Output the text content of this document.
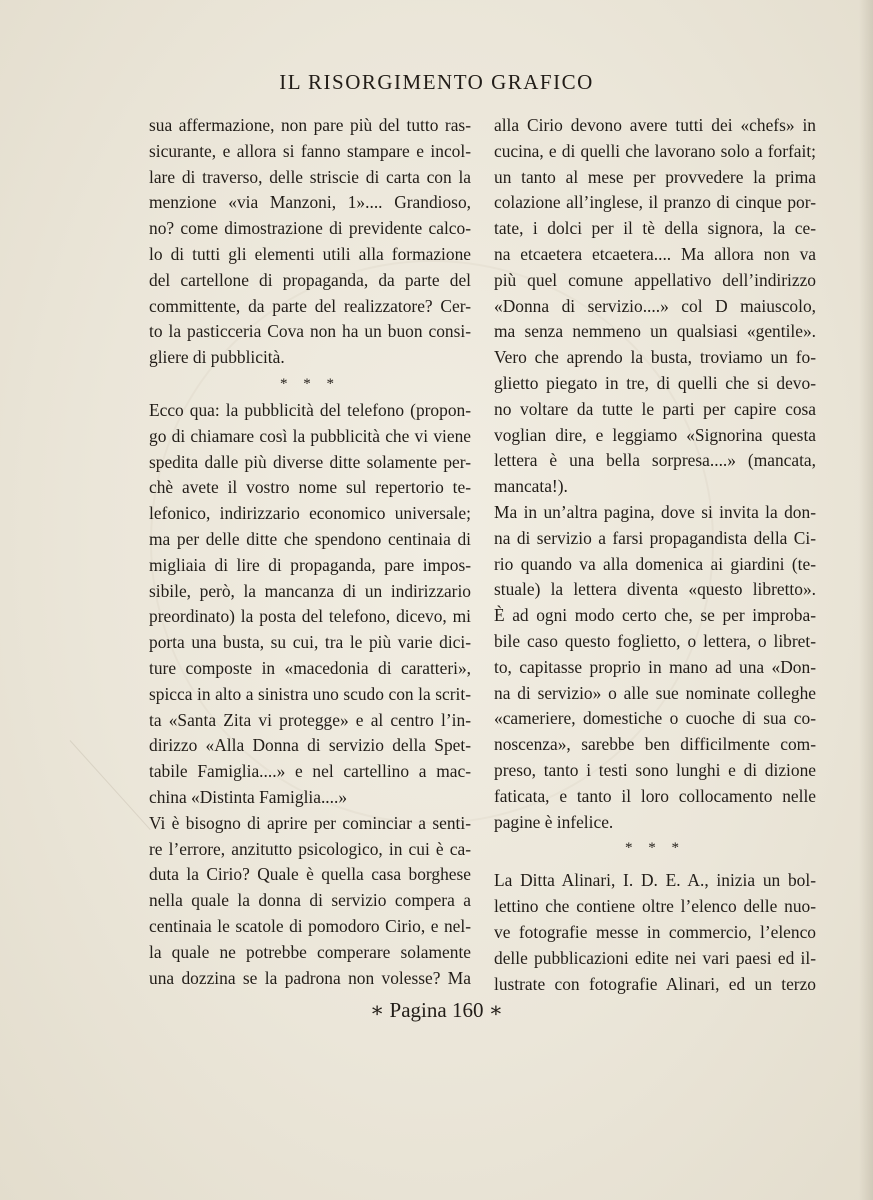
IL RISORGIMENTO GRAFICO
sua affermazione, non pare più del tutto ras-
sicurante, e allora si fanno stampare e incol-
lare di traverso, delle striscie di carta con la
menzione «via Manzoni, 1».... Grandioso,
no? come dimostrazione di previdente calco-
lo di tutti gli elementi utili alla formazione
del cartellone di propaganda, da parte del
committente, da parte del realizzatore? Cer-
to la pasticceria Cova non ha un buon consi-
gliere di pubblicità.
* * *
Ecco qua: la pubblicità del telefono (propon-
go di chiamare così la pubblicità che vi viene
spedita dalle più diverse ditte solamente per-
chè avete il vostro nome sul repertorio te-
lefonico, indirizzario economico universale;
ma per delle ditte che spendono centinaia di
migliaia di lire di propaganda, pare impos-
sibile, però, la mancanza di un indirizzario
preordinato) la posta del telefono, dicevo, mi
porta una busta, su cui, tra le più varie dici-
ture composte in «macedonia di caratteri»,
spicca in alto a sinistra uno scudo con la scrit-
ta «Santa Zita vi protegge» e al centro l’in-
dirizzo «Alla Donna di servizio della Spet-
tabile Famiglia....» e nel cartellino a mac-
china «Distinta Famiglia....»
Vi è bisogno di aprire per cominciar a senti-
re l’errore, anzitutto psicologico, in cui è ca-
duta la Cirio? Quale è quella casa borghese
nella quale la donna di servizio compera a
centinaia le scatole di pomodoro Cirio, e nel-
la quale ne potrebbe comperare solamente
una dozzina se la padrona non volesse? Ma
alla Cirio devono avere tutti dei «chefs» in
cucina, e di quelli che lavorano solo a forfait;
un tanto al mese per provvedere la prima
colazione all’inglese, il pranzo di cinque por-
tate, i dolci per il tè della signora, la ce-
na etcaetera etcaetera.... Ma allora non va
più quel comune appellativo dell’indirizzo
«Donna di servizio....» col D maiuscolo,
ma senza nemmeno un qualsiasi «gentile».
Vero che aprendo la busta, troviamo un fo-
glietto piegato in tre, di quelli che si devo-
no voltare da tutte le parti per capire cosa
voglian dire, e leggiamo «Signorina questa
lettera è una bella sorpresa....» (mancata,
mancata!).
Ma in un’altra pagina, dove si invita la don-
na di servizio a farsi propagandista della Ci-
rio quando va alla domenica ai giardini (te-
stuale) la lettera diventa «questo libretto».
È ad ogni modo certo che, se per improba-
bile caso questo foglietto, o lettera, o libret-
to, capitasse proprio in mano ad una «Don-
na di servizio» o alle sue nominate colleghe
«cameriere, domestiche o cuoche di sua co-
noscenza», sarebbe ben difficilmente com-
preso, tanto i testi sono lunghi e di dizione
faticata, e tanto il loro collocamento nelle
pagine è infelice.
* * *
La Ditta Alinari, I. D. E. A., inizia un bol-
lettino che contiene oltre l’elenco delle nuo-
ve fotografie messe in commercio, l’elenco
delle pubblicazioni edite nei vari paesi ed il-
lustrate con fotografie Alinari, ed un terzo
∗ Pagina 160 ∗
